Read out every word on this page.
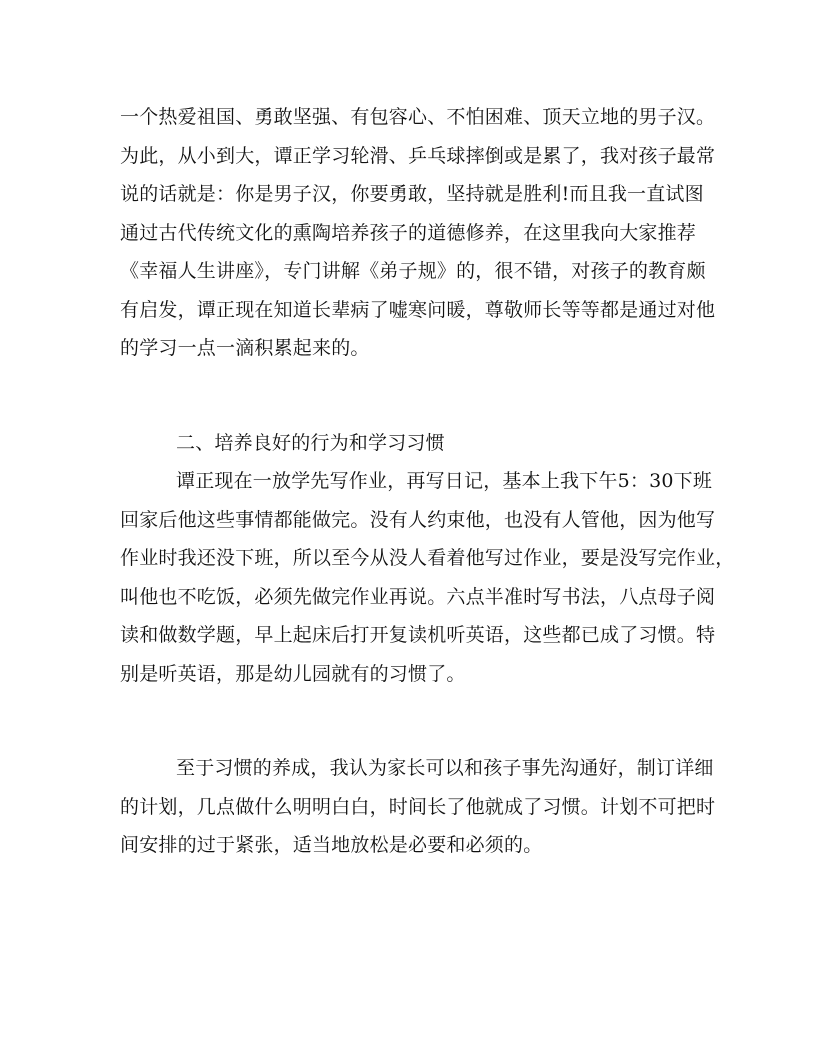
一个热爱祖国、勇敢坚强、有包容心、不怕困难、顶天立地的男子汉。
为此，从小到大，谭正学习轮滑、乒乓球摔倒或是累了，我对孩子最常
说的话就是：你是男子汉，你要勇敢，坚持就是胜利!而且我一直试图
通过古代传统文化的熏陶培养孩子的道德修养，在这里我向大家推荐
《幸福人生讲座》，专门讲解《弟子规》的，很不错，对孩子的教育颇
有启发，谭正现在知道长辈病了嘘寒问暖，尊敬师长等等都是通过对他
的学习一点一滴积累起来的。
二、培养良好的行为和学习习惯
谭正现在一放学先写作业，再写日记，基本上我下午5：30下班
回家后他这些事情都能做完。没有人约束他，也没有人管他，因为他写
作业时我还没下班，所以至今从没人看着他写过作业，要是没写完作业，
叫他也不吃饭，必须先做完作业再说。六点半准时写书法，八点母子阅
读和做数学题，早上起床后打开复读机听英语，这些都已成了习惯。特
别是听英语，那是幼儿园就有的习惯了。
至于习惯的养成，我认为家长可以和孩子事先沟通好，制订详细
的计划，几点做什么明明白白，时间长了他就成了习惯。计划不可把时
间安排的过于紧张，适当地放松是必要和必须的。
